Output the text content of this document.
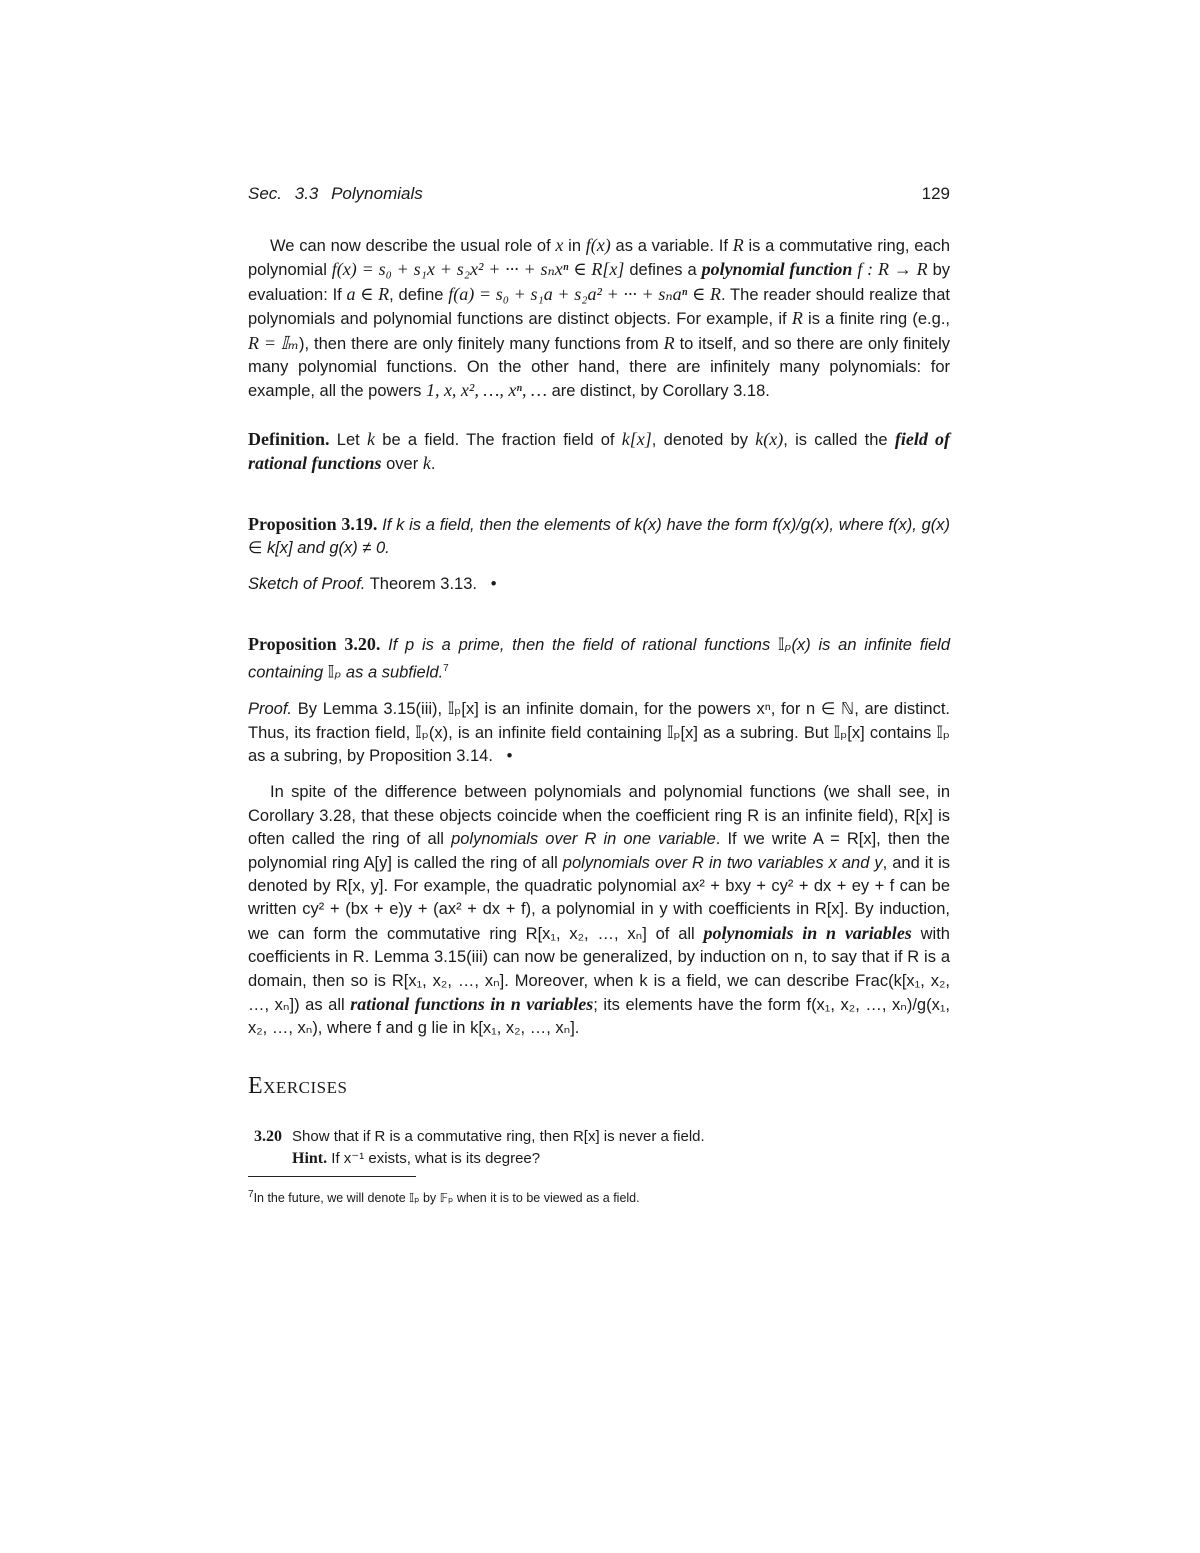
Sec. 3.3 Polynomials	129

We can now describe the usual role of x in f(x) as a variable. If R is a commutative ring, each polynomial f(x) = s₀ + s₁x + s₂x² + ··· + sₙxⁿ ∈ R[x] defines a polynomial function f : R → R by evaluation: If a ∈ R, define f(a) = s₀ + s₁a + s₂a² + ··· + sₙaⁿ ∈ R. The reader should realize that polynomials and polynomial functions are distinct objects. For example, if R is a finite ring (e.g., R = 𝕀ₘ), then there are only finitely many functions from R to itself, and so there are only finitely many polynomial functions. On the other hand, there are infinitely many polynomials: for example, all the powers 1, x, x², …, xⁿ, … are distinct, by Corollary 3.18.

Definition. Let k be a field. The fraction field of k[x], denoted by k(x), is called the field of rational functions over k.

Proposition 3.19. If k is a field, then the elements of k(x) have the form f(x)/g(x), where f(x), g(x) ∈ k[x] and g(x) ≠ 0.

Sketch of Proof. Theorem 3.13. •

Proposition 3.20. If p is a prime, then the field of rational functions 𝕀ₚ(x) is an infinite field containing 𝕀ₚ as a subfield.$^7$

Proof. By Lemma 3.15(iii), 𝕀ₚ[x] is an infinite domain, for the powers xⁿ, for n ∈ ℕ, are distinct. Thus, its fraction field, 𝕀ₚ(x), is an infinite field containing 𝕀ₚ[x] as a subring. But 𝕀ₚ[x] contains 𝕀ₚ as a subring, by Proposition 3.14. •

In spite of the difference between polynomials and polynomial functions (we shall see, in Corollary 3.28, that these objects coincide when the coefficient ring R is an infinite field), R[x] is often called the ring of all polynomials over R in one variable. If we write A = R[x], then the polynomial ring A[y] is called the ring of all polynomials over R in two variables x and y, and it is denoted by R[x, y]. For example, the quadratic polynomial ax² + bxy + cy² + dx + ey + f can be written cy² + (bx + e)y + (ax² + dx + f), a polynomial in y with coefficients in R[x]. By induction, we can form the commutative ring R[x₁, x₂, …, xₙ] of all polynomials in n variables with coefficients in R. Lemma 3.15(iii) can now be generalized, by induction on n, to say that if R is a domain, then so is R[x₁, x₂, …, xₙ]. Moreover, when k is a field, we can describe Frac(k[x₁, x₂, …, xₙ]) as all rational functions in n variables; its elements have the form f(x₁, x₂, …, xₙ)/g(x₁, x₂, …, xₙ), where f and g lie in k[x₁, x₂, …, xₙ].

Exercises
3.20 Show that if R is a commutative ring, then R[x] is never a field.
Hint. If x⁻¹ exists, what is its degree?
$^7$In the future, we will denote 𝕀ₚ by 𝔽ₚ when it is to be viewed as a field.
